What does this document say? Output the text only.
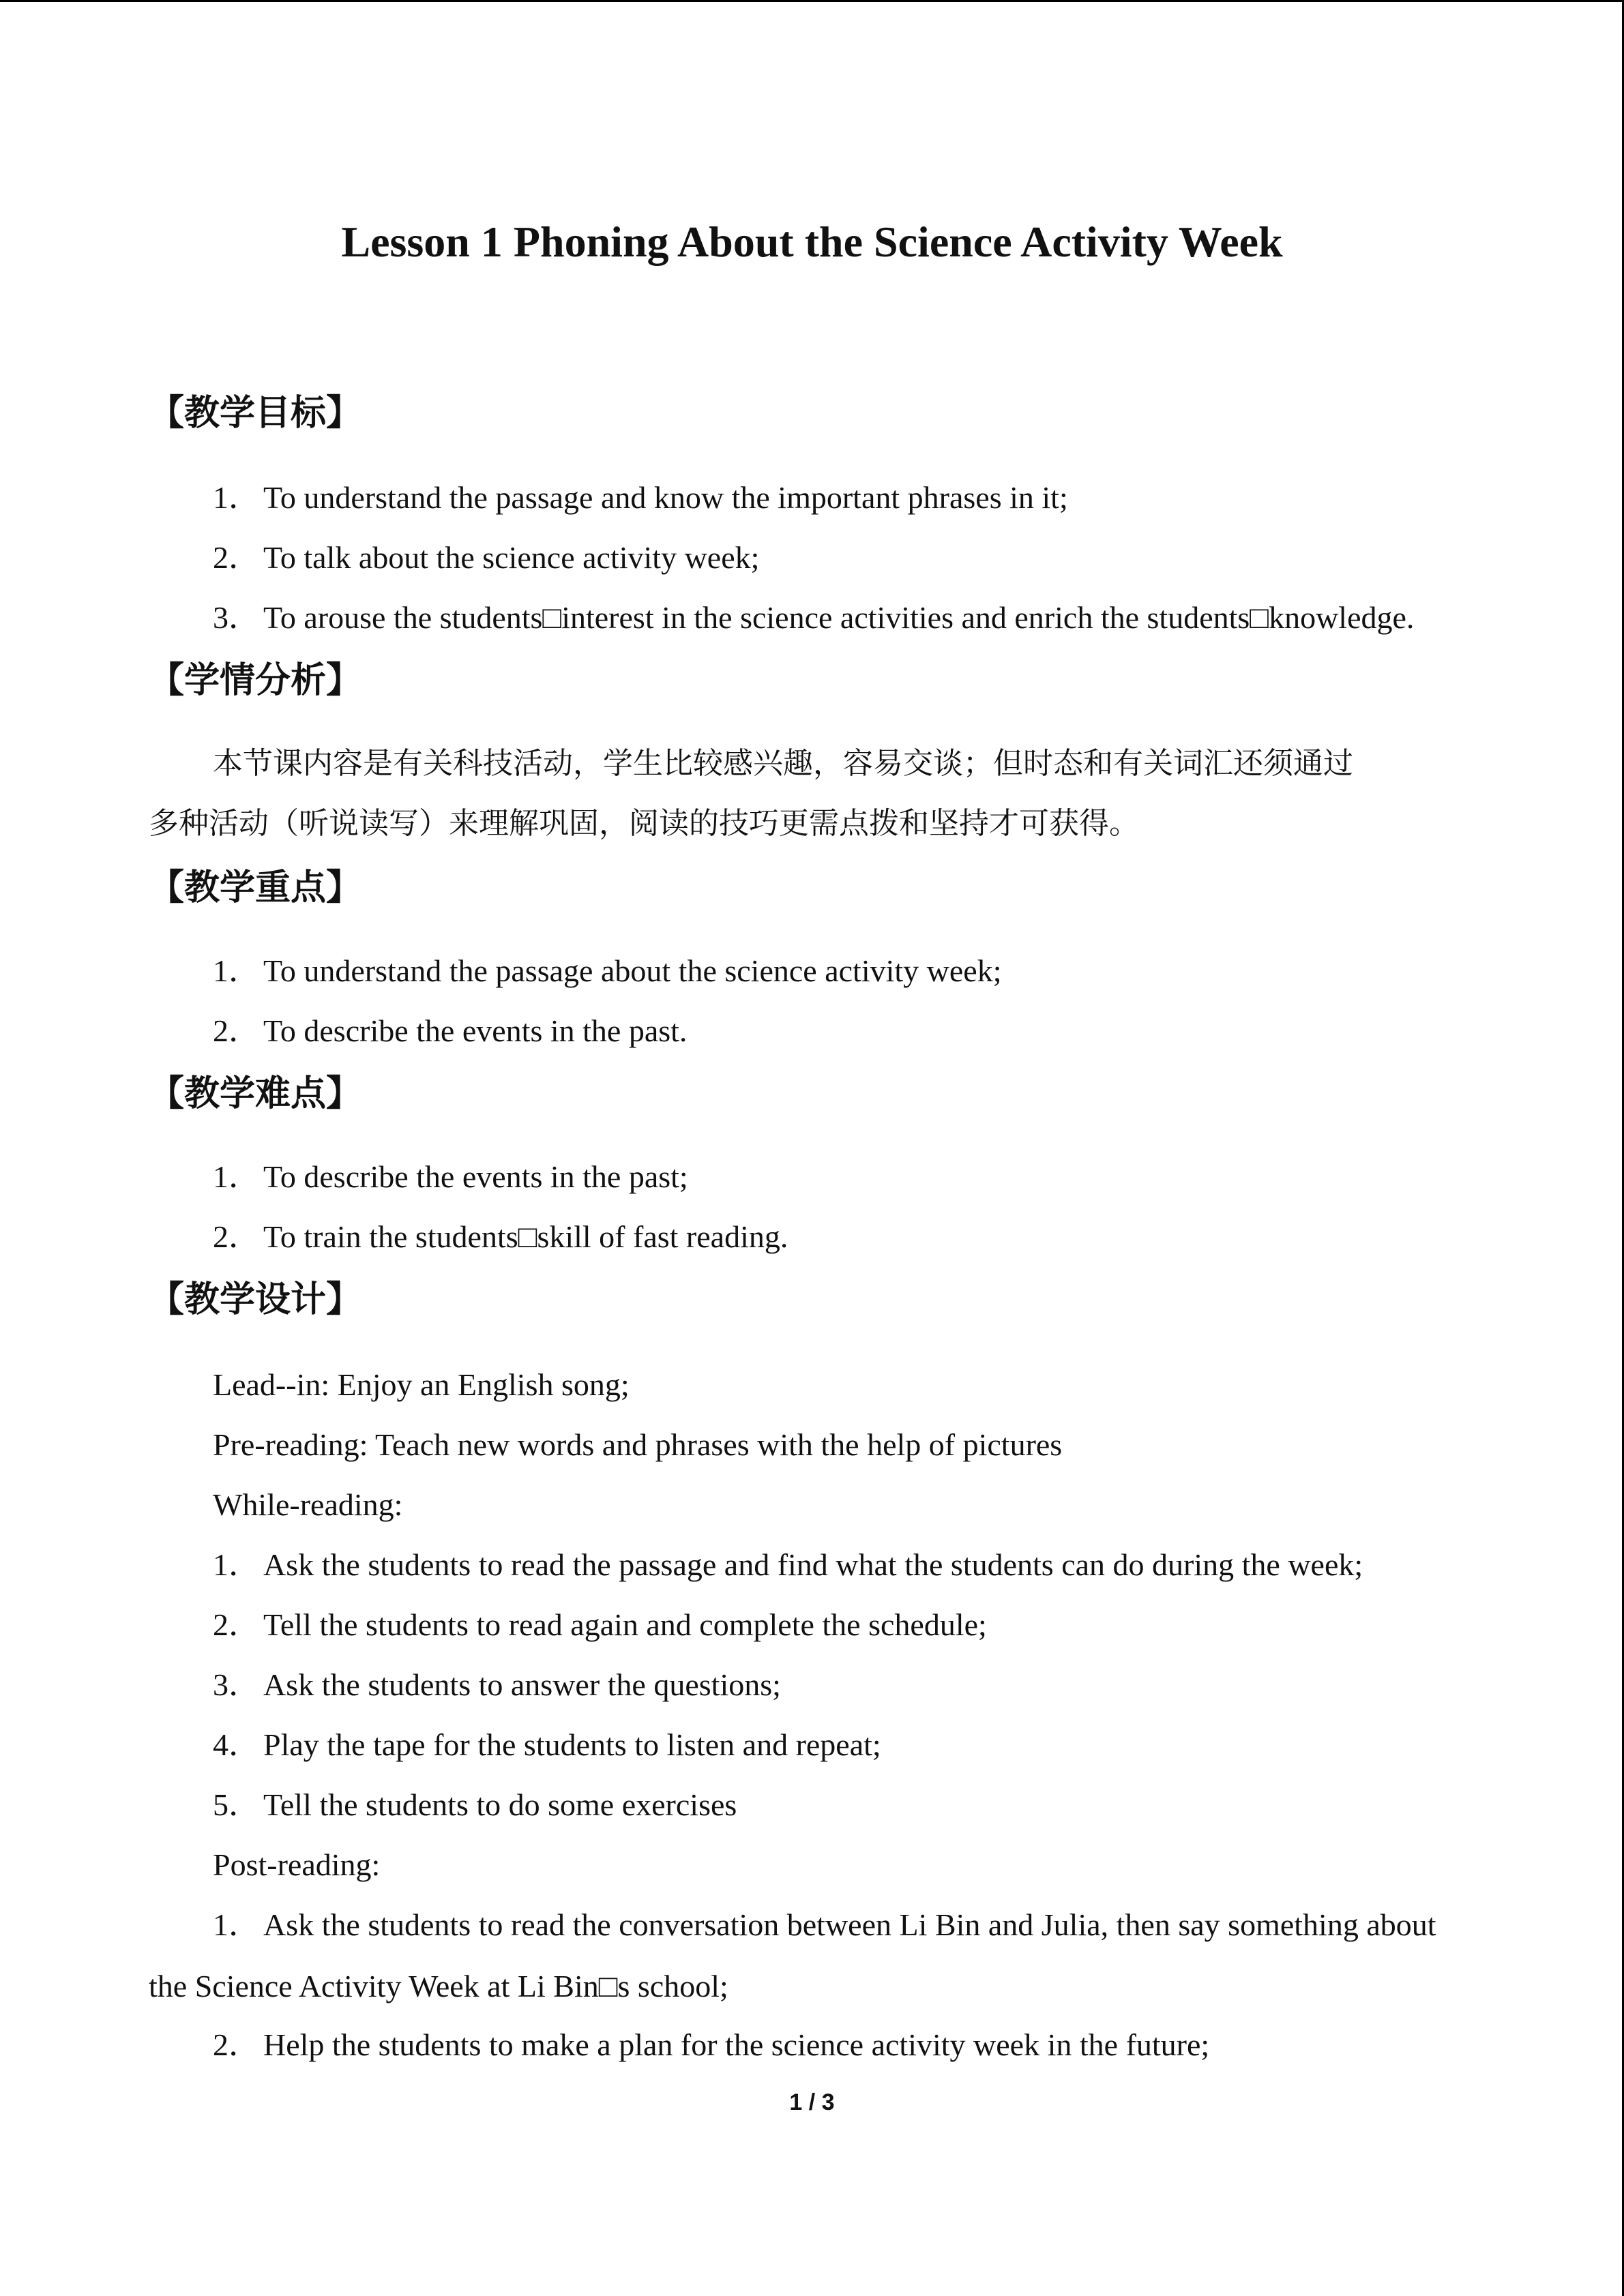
Lesson 1 Phoning About the Science Activity Week
【教学目标】
1． To understand the passage and know the important phrases in it;
2． To talk about the science activity week;
3． To arouse the students□interest in the science activities and enrich the students□knowledge.
【学情分析】
本节课内容是有关科技活动，学生比较感兴趣，容易交谈；但时态和有关词汇还须通过
多种活动（听说读写）来理解巩固，阅读的技巧更需点拨和坚持才可获得。
【教学重点】
1． To understand the passage about the science activity week;
2． To describe the events in the past.
【教学难点】
1． To describe the events in the past;
2． To train the students□skill of fast reading.
【教学设计】
Lead--in: Enjoy an English song;
Pre-reading: Teach new words and phrases with the help of pictures
While-reading:
1． Ask the students to read the passage and find what the students can do during the week;
2． Tell the students to read again and complete the schedule;
3． Ask the students to answer the questions;
4． Play the tape for the students to listen and repeat;
5． Tell the students to do some exercises
Post-reading:
1． Ask the students to read the conversation between Li Bin and Julia, then say something about
the Science Activity Week at Li Bin□s school;
2． Help the students to make a plan for the science activity week in the future;
1 / 3
